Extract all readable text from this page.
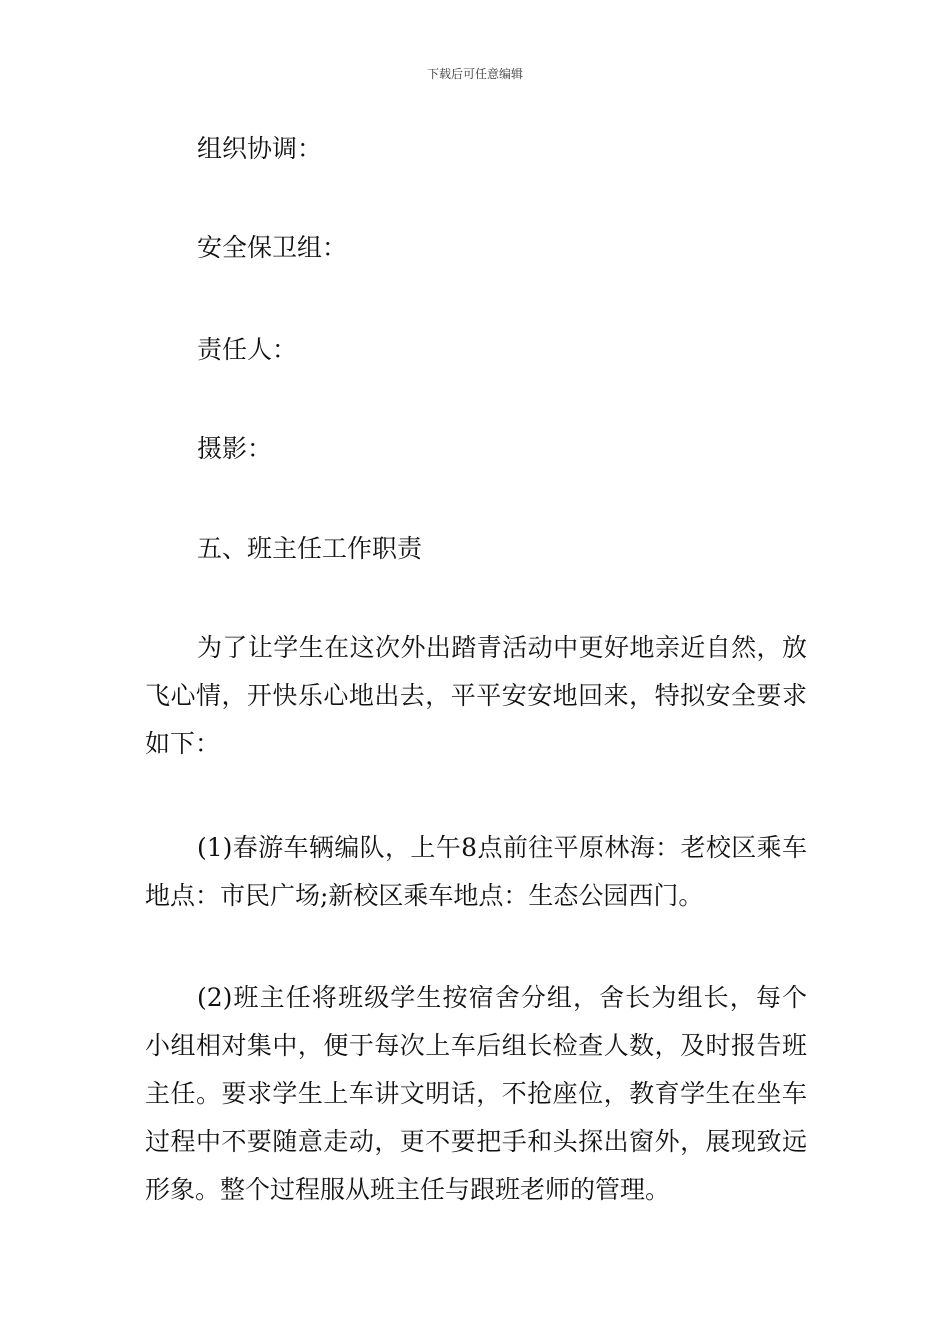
下载后可任意编辑
组织协调：
安全保卫组：
责任人：
摄影：
五、班主任工作职责
为了让学生在这次外出踏青活动中更好地亲近自然，放飞心情，开快乐心地出去，平平安安地回来，特拟安全要求如下：
(1)春游车辆编队，上午8点前往平原林海：老校区乘车地点：市民广场;新校区乘车地点：生态公园西门。
(2)班主任将班级学生按宿舍分组，舍长为组长，每个小组相对集中，便于每次上车后组长检查人数，及时报告班主任。要求学生上车讲文明话，不抢座位，教育学生在坐车过程中不要随意走动，更不要把手和头探出窗外，展现致远形象。整个过程服从班主任与跟班老师的管理。
